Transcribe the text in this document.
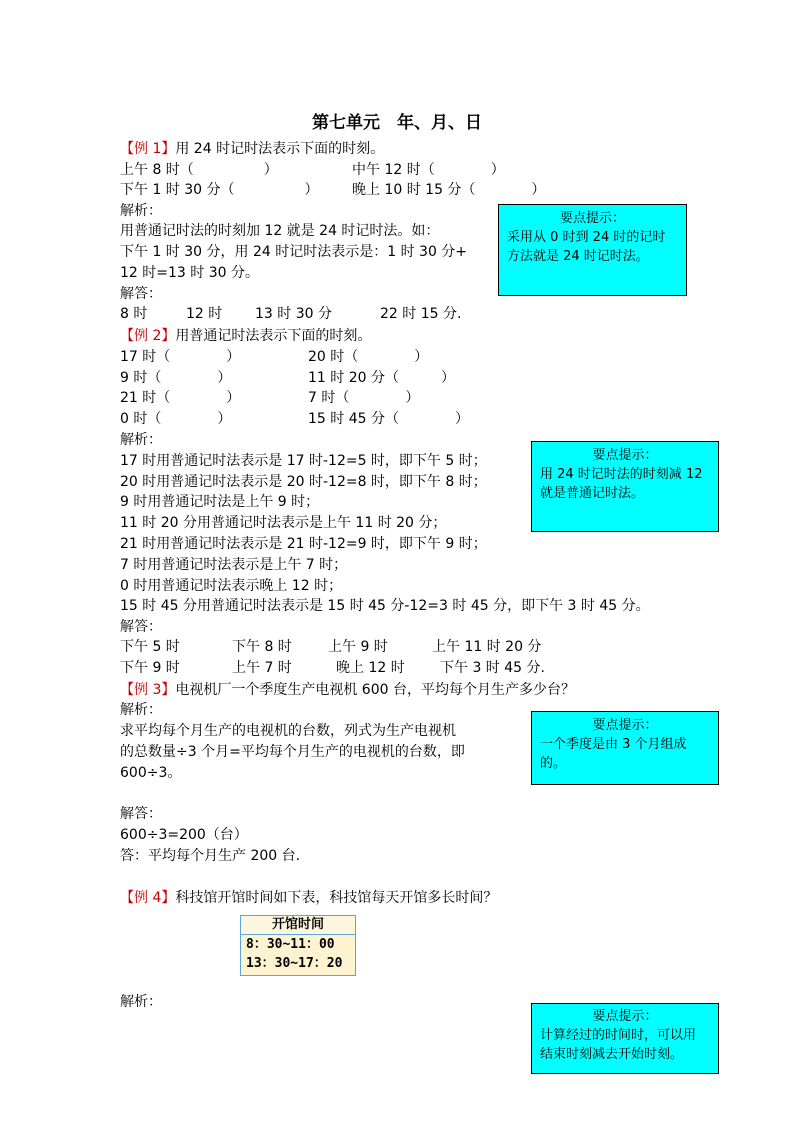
第七单元　年、月、日
【例 1】用 24 时记时法表示下面的时刻。
上午 8 时（　　　　　）	中午 12 时（　　　　）
下午 1 时 30 分（　　　　　） 晚上 10 时 15 分（　　　　）
解析：
用普通记时法的时刻加 12 就是 24 时记时法。如：
下午 1 时 30 分，用 24 时记时法表示是：1 时 30 分+
12 时=13 时 30 分。
解答：
8 时	12 时 13 时 30 分	22 时 15 分.
要点提示：
采用从 0 时到 24 时的记时
方法就是 24 时记时法。
【例 2】用普通记时法表示下面的时刻。
17 时（　　　　）	20 时（　　　　）
9 时（　　　　）	11 时 20 分（　　　）
21 时（　　　　）	7 时（　　　　）
0 时（　　　　）	15 时 45 分（　　　　）
解析：
17 时用普通记时法表示是 17 时-12=5 时，即下午 5 时；
20 时用普通记时法表示是 20 时-12=8 时，即下午 8 时；
9 时用普通记时法是上午 9 时；
11 时 20 分用普通记时法表示是上午 11 时 20 分；
21 时用普通记时法表示是 21 时-12=9 时，即下午 9 时；
7 时用普通记时法表示是上午 7 时；
0 时用普通记时法表示晚上 12 时；
15 时 45 分用普通记时法表示是 15 时 45 分-12=3 时 45 分，即下午 3 时 45 分。
解答：
下午 5 时	下午 8 时	上午 9 时	上午 11 时 20 分
下午 9 时	上午 7 时	晚上 12 时	下午 3 时 45 分.
要点提示：
用 24 时记时法的时刻减 12
就是普通记时法。
【例 3】电视机厂一个季度生产电视机 600 台，平均每个月生产多少台？
解析：
求平均每个月生产的电视机的台数，列式为生产电视机
的总数量÷3 个月=平均每个月生产的电视机的台数，即
600÷3。
解答：
600÷3=200（台）
答：平均每个月生产 200 台.
要点提示：
一个季度是由 3 个月组成的。
【例 4】科技馆开馆时间如下表，科技馆每天开馆多长时间？
开馆时间
8：30~11：00
13：30~17：20
解析：
要点提示：
计算经过的时间时，可以用
结束时刻减去开始时刻。
